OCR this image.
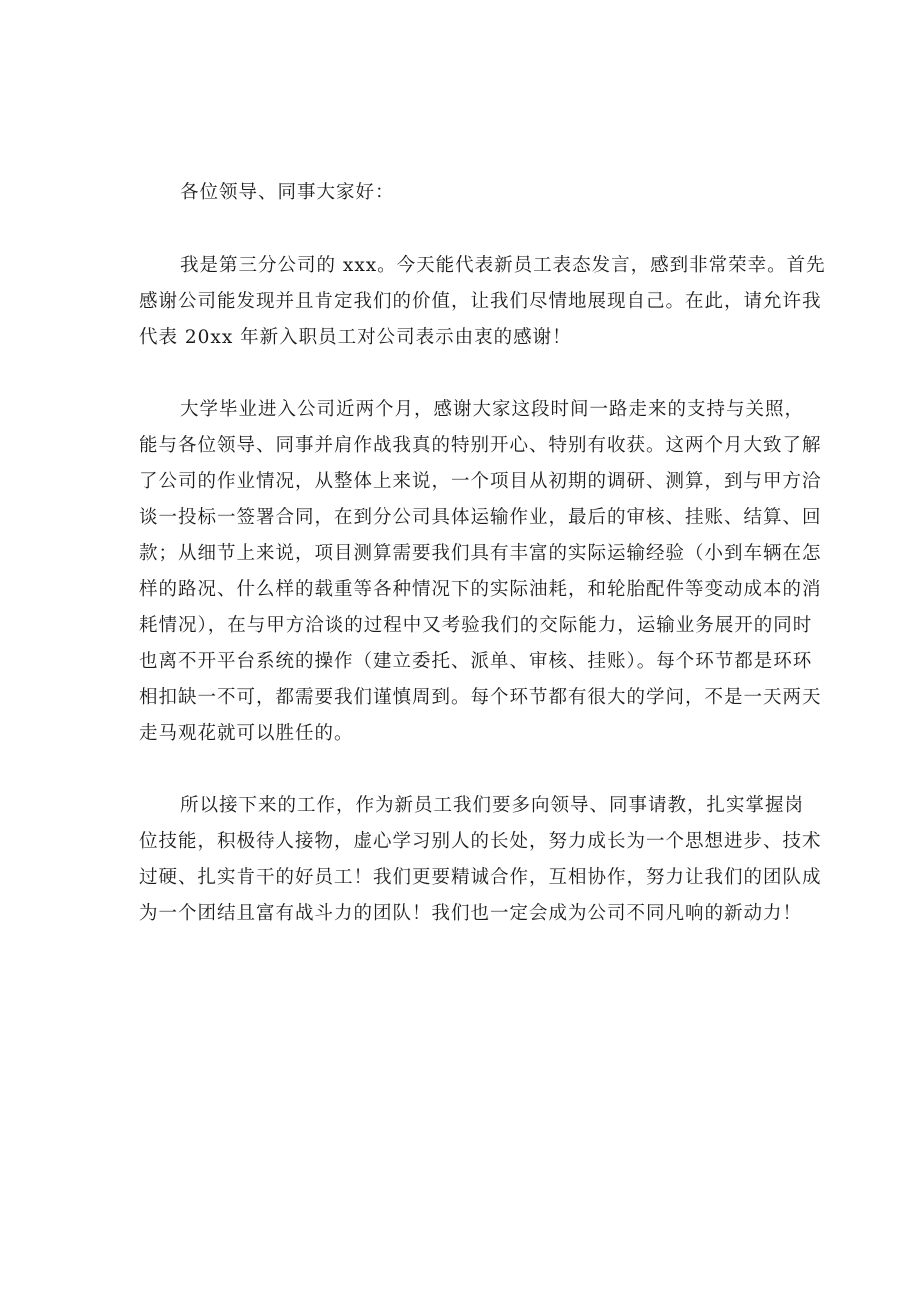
各位领导、同事大家好：

我是第三分公司的 xxx。今天能代表新员工表态发言，感到非常荣幸。首先
感谢公司能发现并且肯定我们的价值，让我们尽情地展现自己。在此，请允许我
代表 20xx 年新入职员工对公司表示由衷的感谢！

大学毕业进入公司近两个月，感谢大家这段时间一路走来的支持与关照，
能与各位领导、同事并肩作战我真的特别开心、特别有收获。这两个月大致了解
了公司的作业情况，从整体上来说，一个项目从初期的调研、测算，到与甲方洽
谈一投标一签署合同，在到分公司具体运输作业，最后的审核、挂账、结算、回
款；从细节上来说，项目测算需要我们具有丰富的实际运输经验（小到车辆在怎
样的路况、什么样的载重等各种情况下的实际油耗，和轮胎配件等变动成本的消
耗情况），在与甲方洽谈的过程中又考验我们的交际能力，运输业务展开的同时
也离不开平台系统的操作（建立委托、派单、审核、挂账）。每个环节都是环环
相扣缺一不可，都需要我们谨慎周到。每个环节都有很大的学问，不是一天两天
走马观花就可以胜任的。

所以接下来的工作，作为新员工我们要多向领导、同事请教，扎实掌握岗
位技能，积极待人接物，虚心学习别人的长处，努力成长为一个思想进步、技术
过硬、扎实肯干的好员工！我们更要精诚合作，互相协作，努力让我们的团队成
为一个团结且富有战斗力的团队！我们也一定会成为公司不同凡响的新动力！
